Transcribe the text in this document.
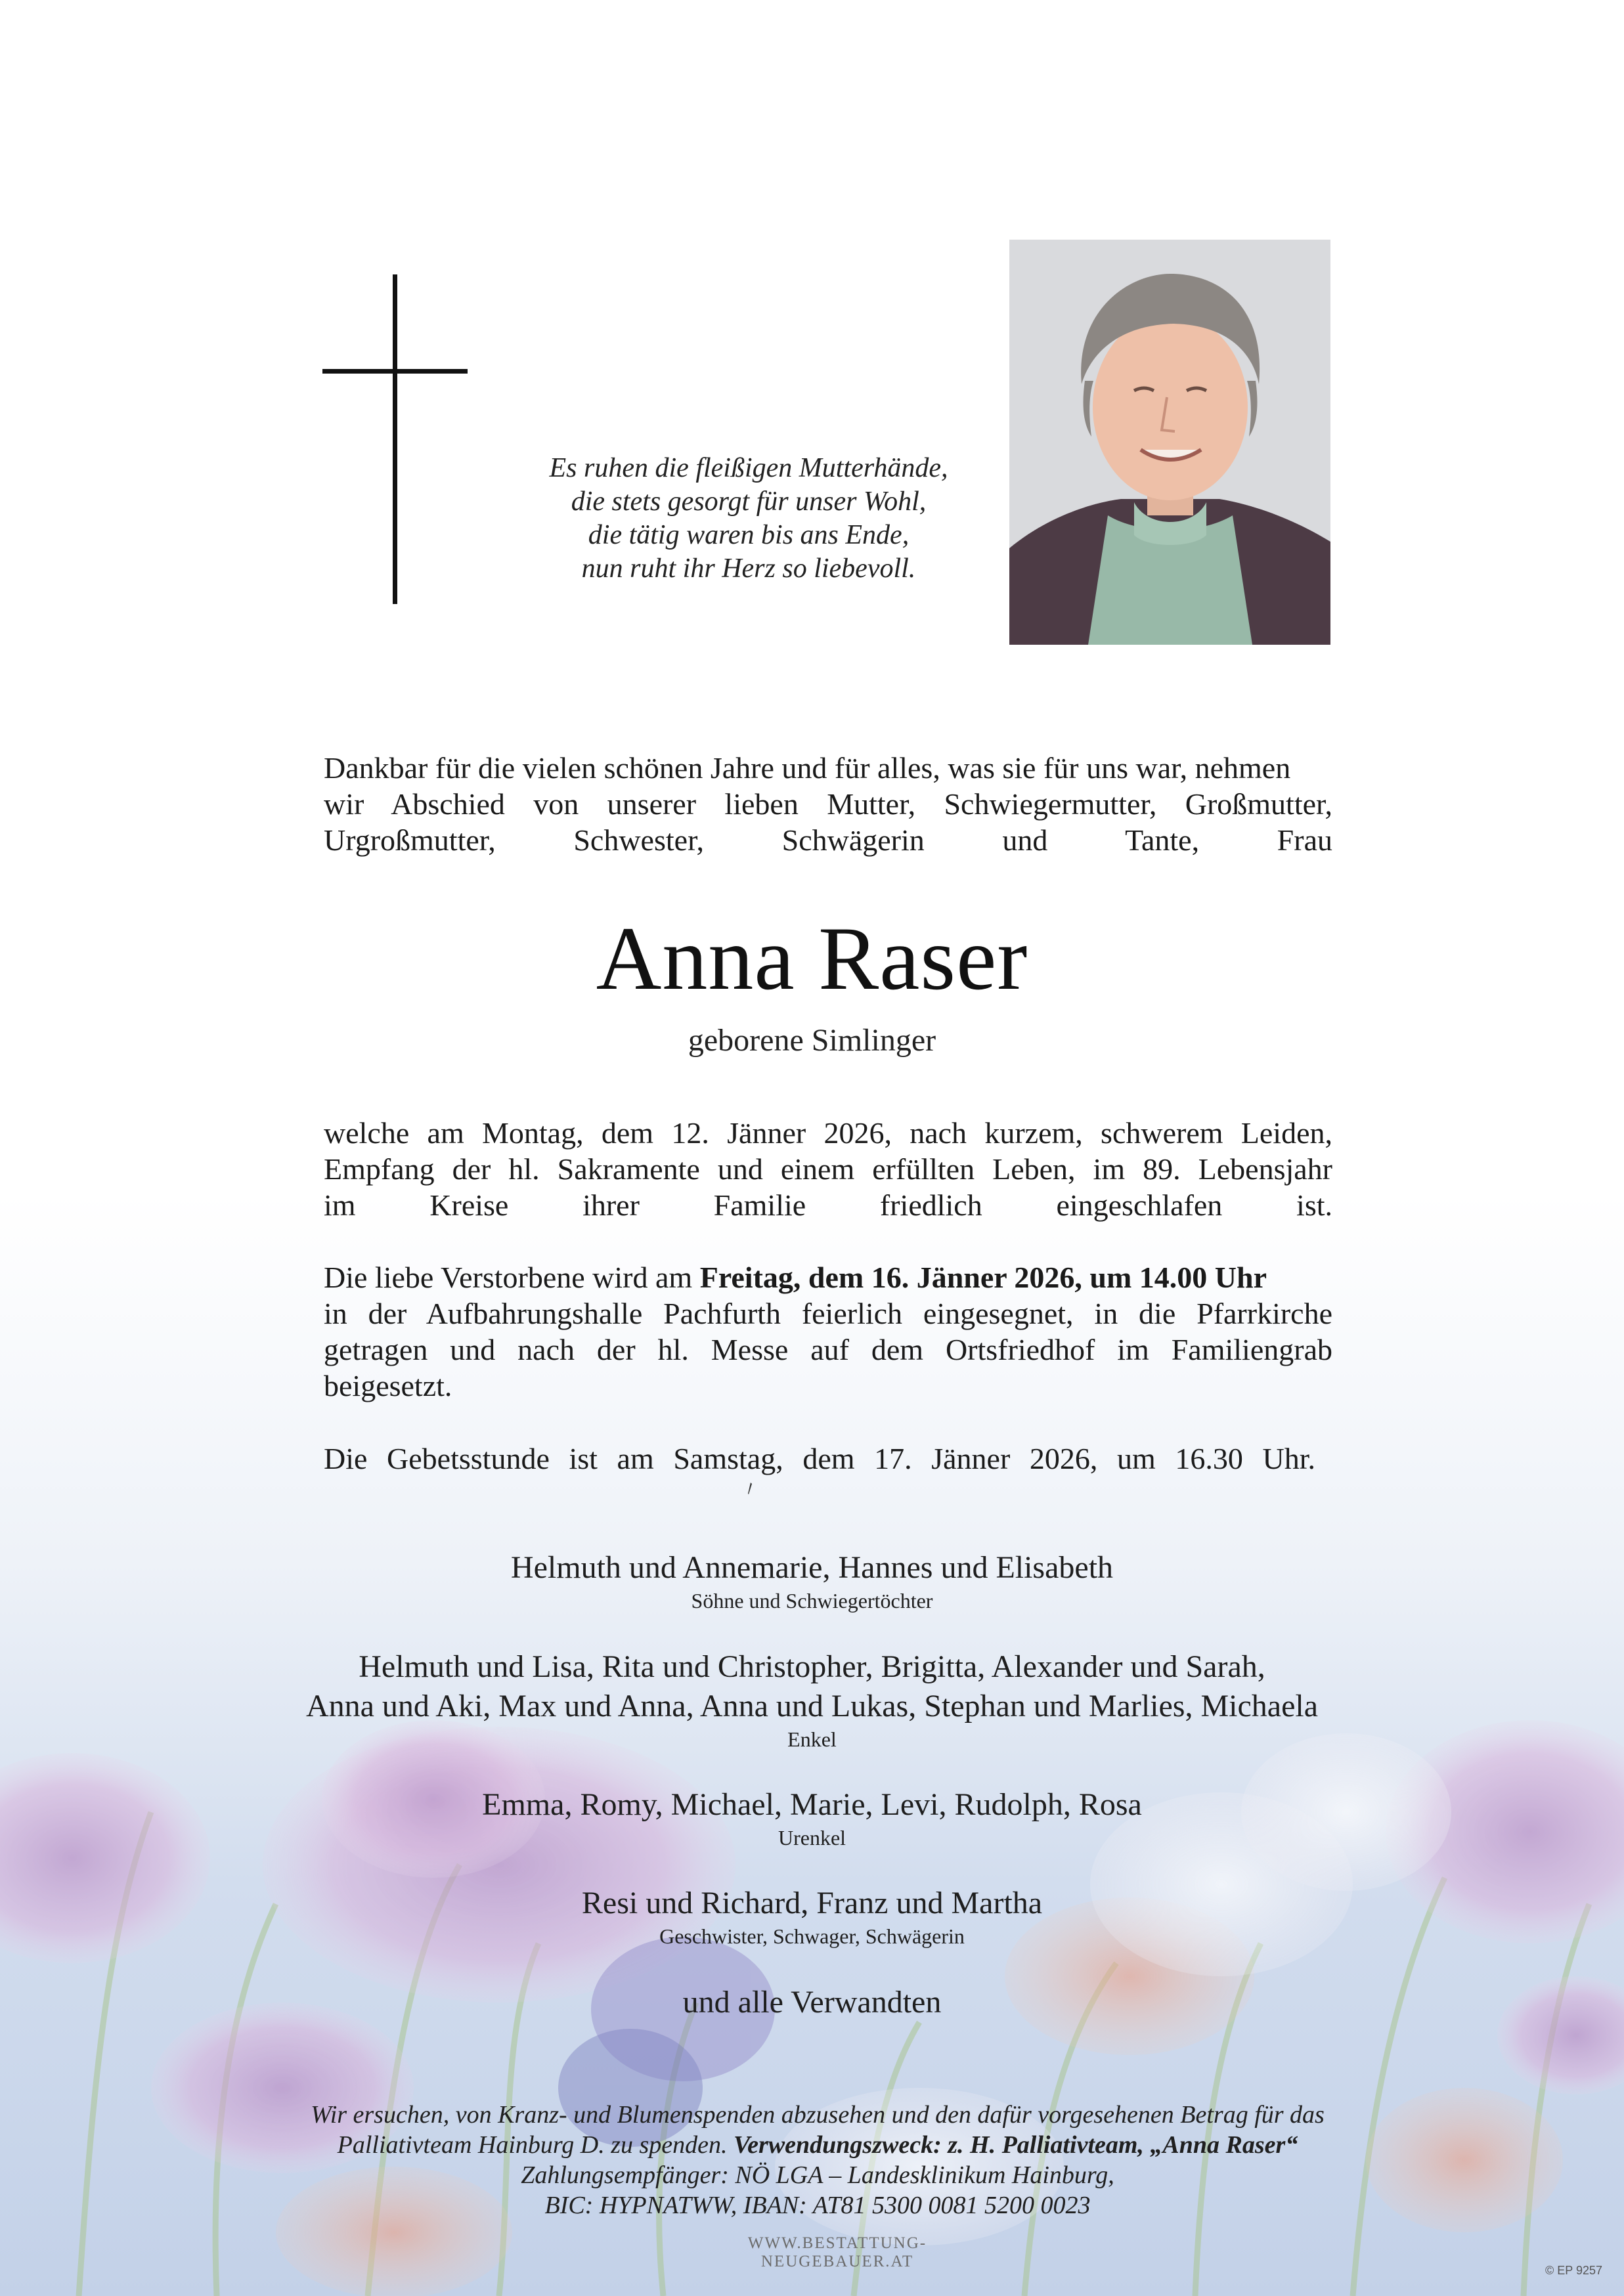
Es ruhen die fleißigen Mutterhände,
die stets gesorgt für unser Wohl,
die tätig waren bis ans Ende,
nun ruht ihr Herz so liebevoll.
Dankbar für die vielen schönen Jahre und für alles, was sie für uns war, nehmen
wir Abschied von unserer lieben Mutter, Schwiegermutter, Großmutter,
Urgroßmutter, Schwester, Schwägerin und Tante, Frau
Anna Raser
geborene Simlinger
welche am Montag, dem 12. Jänner 2026, nach kurzem, schwerem Leiden,
Empfang der hl. Sakramente und einem erfüllten Leben, im 89. Lebensjahr
im Kreise ihrer Familie friedlich eingeschlafen ist.
Die liebe Verstorbene wird am Freitag, dem 16. Jänner 2026, um 14.00 Uhr
in der Aufbahrungshalle Pachfurth feierlich eingesegnet, in die Pfarrkirche
getragen und nach der hl. Messe auf dem Ortsfriedhof im Familiengrab
beigesetzt.
Die Gebetsstunde ist am Samstag, dem 17. Jänner 2026, um 16.30 Uhr.
Helmuth und Annemarie, Hannes und Elisabeth
Söhne und Schwiegertöchter
Helmuth und Lisa, Rita und Christopher, Brigitta, Alexander und Sarah,
Anna und Aki, Max und Anna, Anna und Lukas, Stephan und Marlies, Michaela
Enkel
Emma, Romy, Michael, Marie, Levi, Rudolph, Rosa
Urenkel
Resi und Richard, Franz und Martha
Geschwister, Schwager, Schwägerin
und alle Verwandten
Wir ersuchen, von Kranz- und Blumenspenden abzusehen und den dafür vorgesehenen Betrag für das
Palliativteam Hainburg D. zu spenden. Verwendungszweck: z. H. Palliativteam, „Anna Raser“
Zahlungsempfänger: NÖ LGA – Landesklinikum Hainburg,
BIC: HYPNATWW, IBAN: AT81 5300 0081 5200 0023
WWW.BESTATTUNG-NEUGEBAUER.AT	© EP 9257
